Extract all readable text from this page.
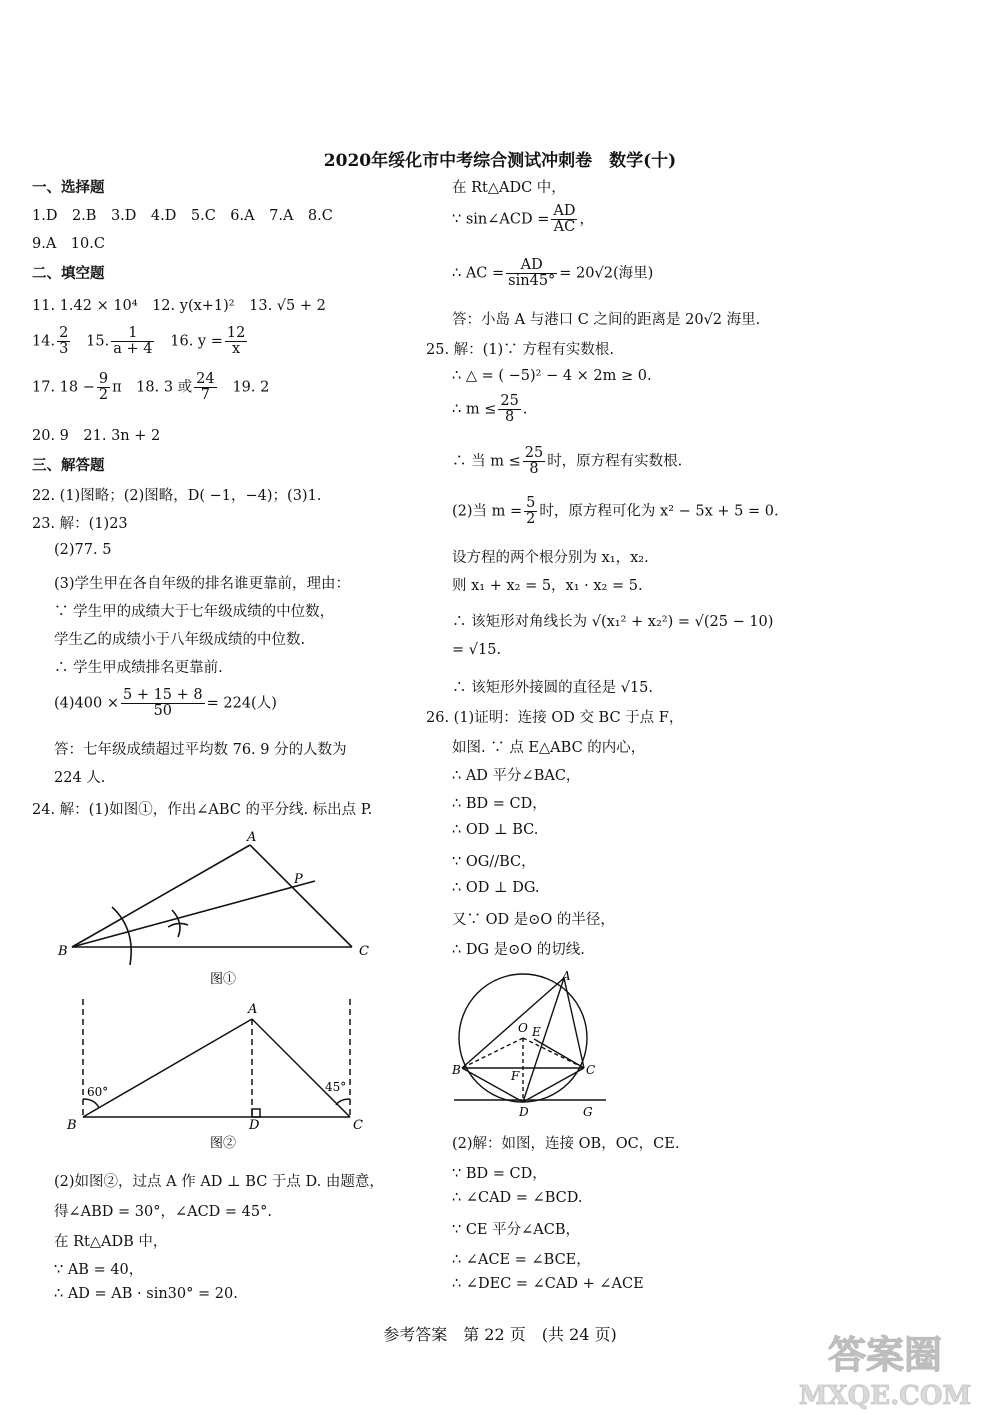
2020年绥化市中考综合测试冲刺卷　数学(十)
一、选择题
1.D　2.B　3.D　4.D　5.C　6.A　7.A　8.C
9.A　10.C
二、填空题
11. 1.42 × 10⁴　12. y(x+1)²　13. √5 + 2
14. $\frac{2}{3} 15$. $\frac{1}{a + 4} 16$. $y = \frac{12}{x}$
17. $18 - \frac{9}{2}$ π　18. 3 或 $\frac{24}{7} 19$. 2
20. 9　21. 3n + 2
三、解答题
22. (1)图略；(2)图略，D( −1，−4)；(3)1.
23. 解：(1)23
(2)77. 5
(3)学生甲在各自年级的排名谁更靠前，理由：
∵ 学生甲的成绩大于七年级成绩的中位数，
学生乙的成绩小于八年级成绩的中位数.
∴ 学生甲成绩排名更靠前.
$(4)400 \times \frac{5 + 15 + 8}{50} = 224$(人)
答：七年级成绩超过平均数 76. 9 分的人数为
224 人.
24. 解：(1)如图①，作出∠ABC 的平分线. 标出点 P.
(2)如图②，过点 A 作 AD ⊥ BC 于点 D. 由题意，
得∠ABD = 30°，∠ACD = 45°.
在 Rt△ADB 中，
∵ AB = 40，
∴ AD = AB · sin30° = 20.
A
B	C
P
图①
A
B	D	C
60°	45°
图②
在 Rt△ADC 中，
∵ sin∠ACD = $\frac{AD}{AC}$ ，
∴ AC = $\frac{AD}{\sin 45^\circ} = 20√2$(海里)
答：小岛 A 与港口 C 之间的距离是 20√2 海里.
25. 解：(1)∵ 方程有实数根.
∴ △ = ( −5)² − 4 × 2m ≥ 0.
∴ $m \le \frac{25}{8}$ .
∴ 当 $m \le \frac{25}{8}$ 时，原方程有实数根.
(2)当 $m = \frac{5}{2}$ 时，原方程可化为 x² − 5x + 5 = 0.
设方程的两个根分别为 x₁，x₂.
则 x₁ + x₂ = 5，x₁ · x₂ = 5.
∴ 该矩形对角线长为 √(x₁² + x₂²) = √(25 − 10)
= √15.
∴ 该矩形外接圆的直径是 √15.
26. (1)证明：连接 OD 交 BC 于点 F，
如图. ∵ 点 E△ABC 的内心，
∴ AD 平分∠BAC，
∴ BD = CD，
∴ OD ⊥ BC.
∵ OG//BC，
∴ OD ⊥ DG.
又∵ OD 是⊙O 的半径，
∴ DG 是⊙O 的切线.
(2)解：如图，连接 OB，OC，CE.
∵ BD = CD，
∴ ∠CAD = ∠BCD.
∵ CE 平分∠ACB，
∴ ∠ACE = ∠BCE，
∴ ∠DEC = ∠CAD + ∠ACE
A
B	C
D	G
O E
F
参考答案　第 22 页　(共 24 页)	答案圈
MXQE.COM
